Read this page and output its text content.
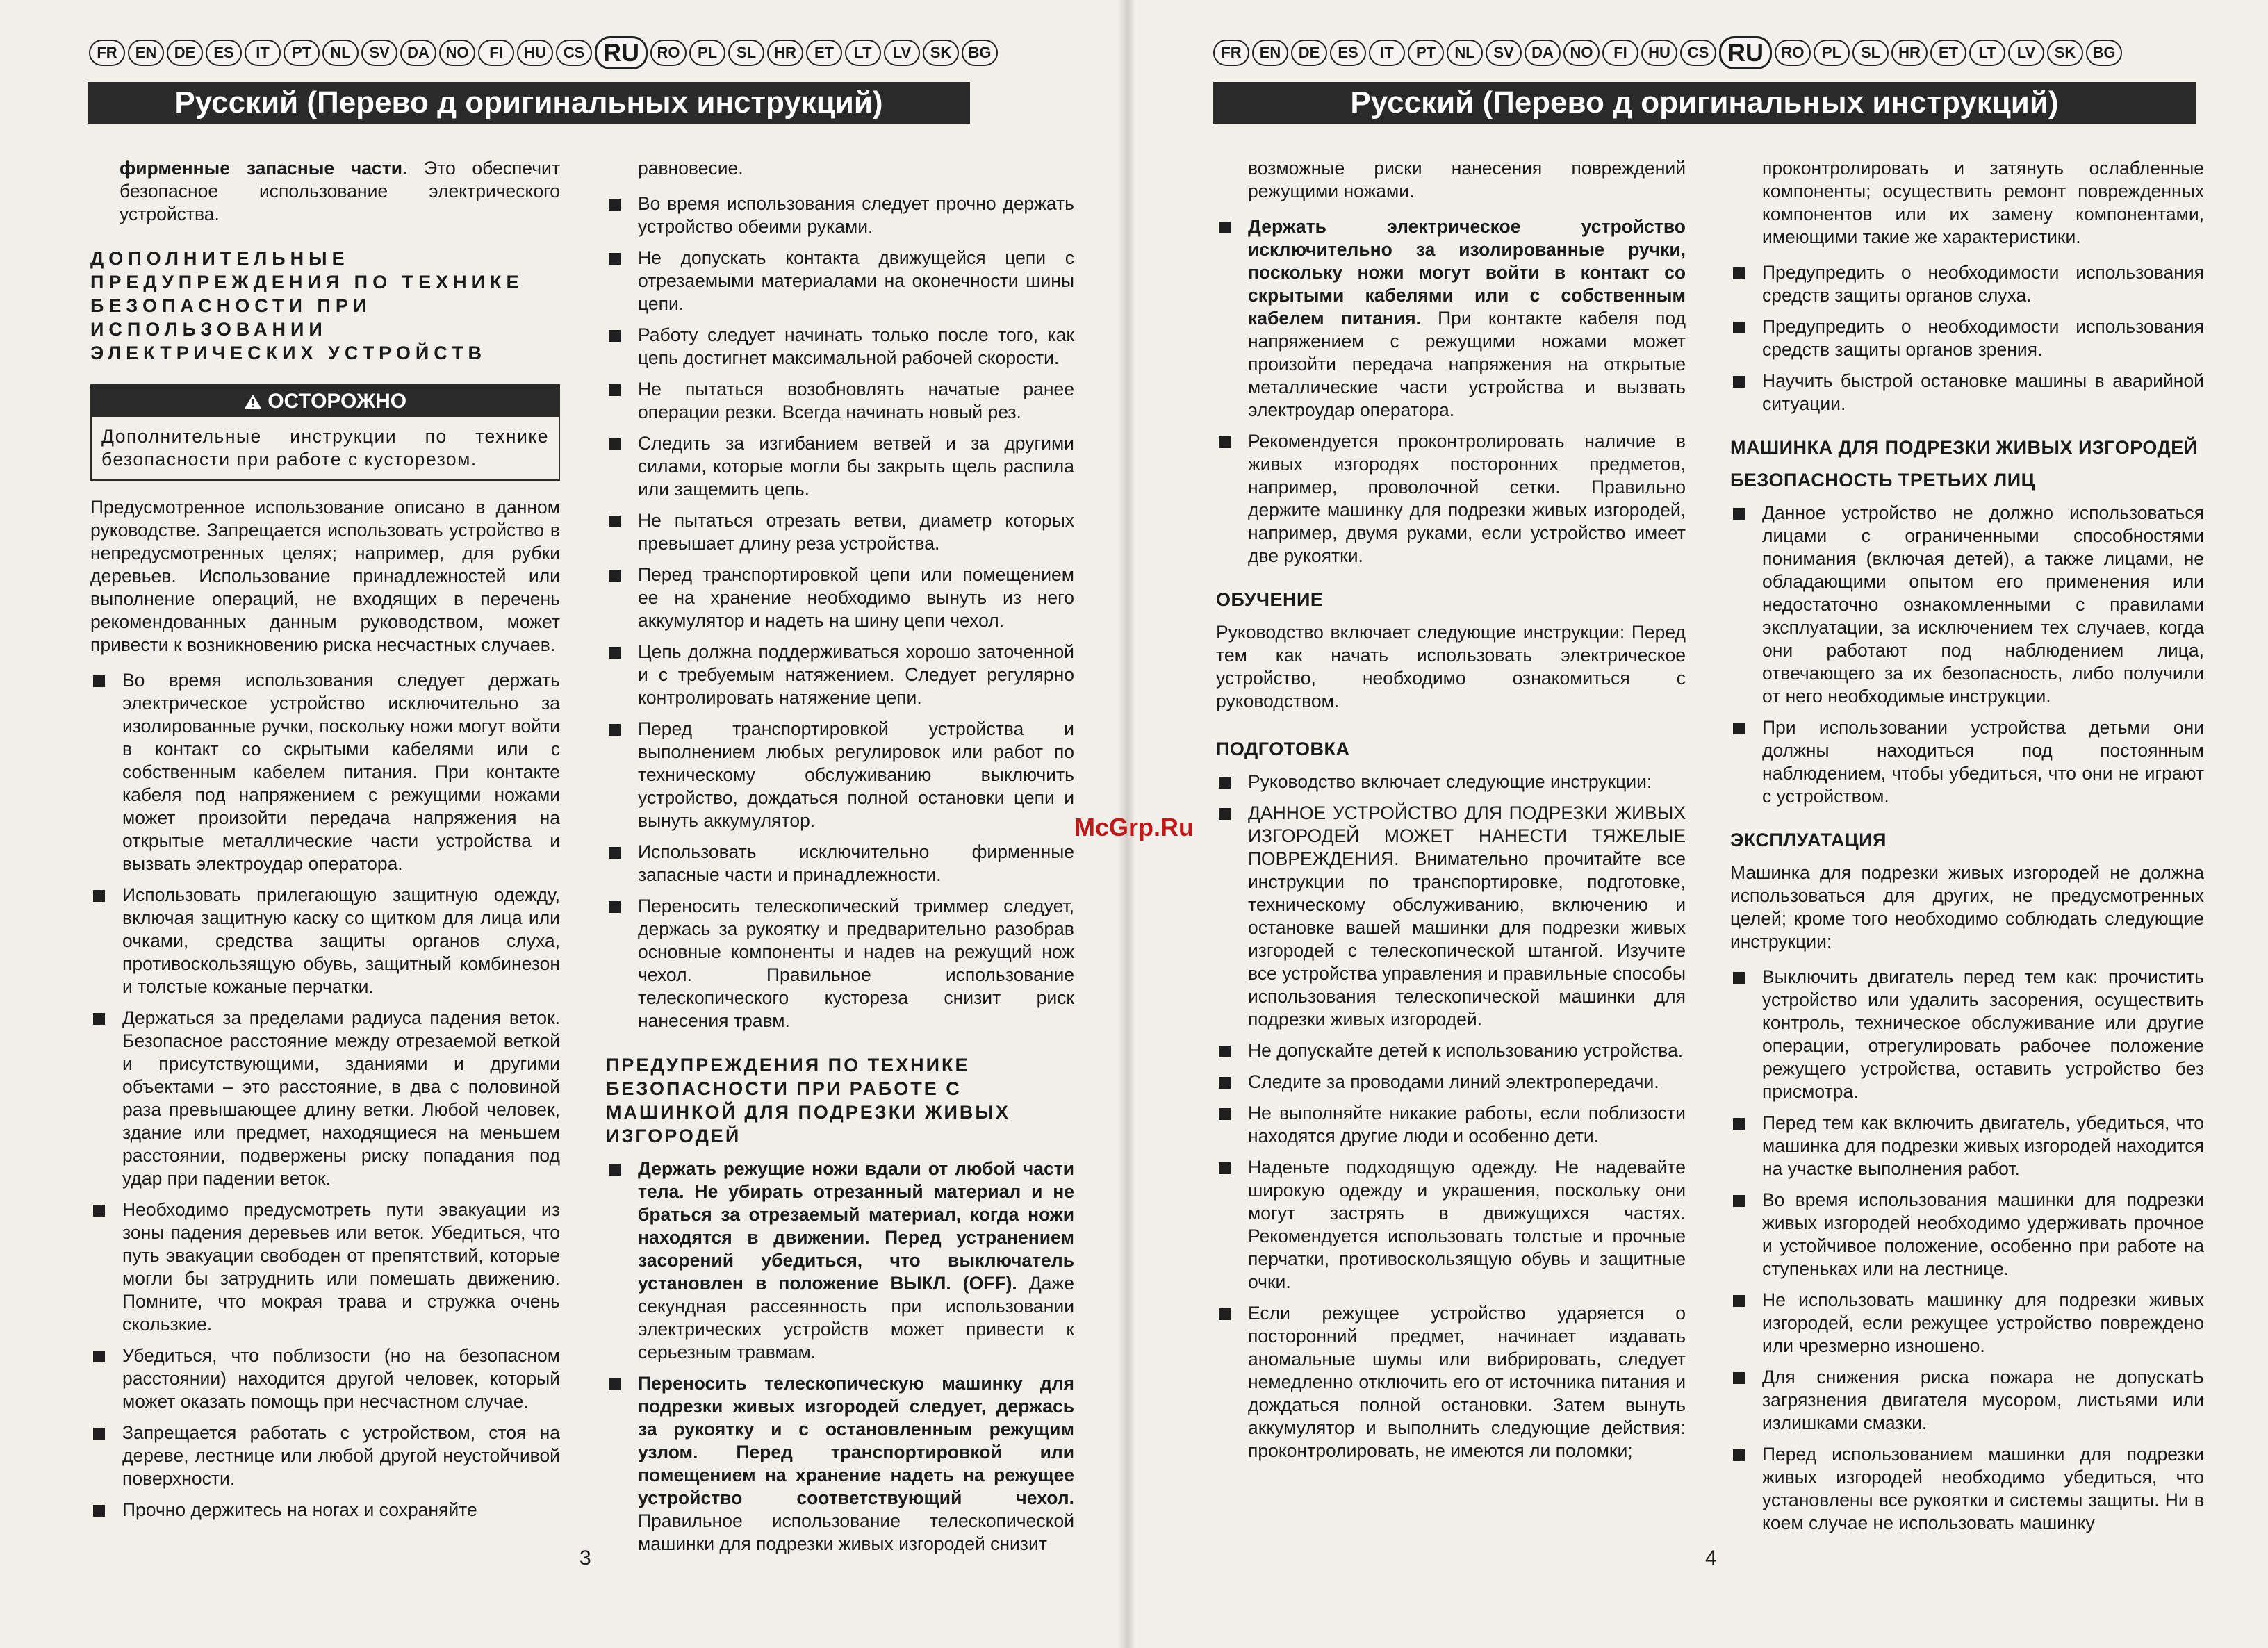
FR	EN	DE	ES	IT	PT	NL	SV	DA	NO	FI	HU	CS RU	RO	PL	SL	HR	ET	LT	LV	SK	BG	FR	EN	DE	ES	IT	PT	NL	SV	DA	NO	FI	HU	CS RU	RO	PL	SL	HR	ET	LT	LV	SK	BG
Русский (Перево д оригинальных инструкций)	Русский (Перево д оригинальных инструкций)

фирменные запасные части. Это обеспечит безопасное использование электрического устройства.

ДОПОЛНИТЕЛЬНЫЕ ПРЕДУПРЕЖДЕНИЯ ПО ТЕХНИКЕ БЕЗОПАСНОСТИ ПРИ ИСПОЛЬЗОВАНИИ ЭЛЕКТРИЧЕСКИХ УСТРОЙСТВ
ОСТОРОЖНО
Дополнительные инструкции по технике безопасности при работе с кусторезом.

Предусмотренное использование описано в данном руководстве. Запрещается использовать устройство в непредусмотренных целях; например, для рубки деревьев. Использование принадлежностей или выполнение операций, не входящих в перечень рекомендованных данным руководством, может привести к возникновению риска несчастных случаев.

Во время использования следует держать электрическое устройство исключительно за изолированные ручки, поскольку ножи могут войти в контакт со скрытыми кабелями или с собственным кабелем питания. При контакте кабеля под напряжением с режущими ножами может произойти передача напряжения на открытые металлические части устройства и вызвать электроудар оператора.
Использовать прилегающую защитную одежду, включая защитную каску со щитком для лица или очками, средства защиты органов слуха, противоскользящую обувь, защитный комбинезон и толстые кожаные перчатки.
Держаться за пределами радиуса падения веток. Безопасное расстояние между отрезаемой веткой и присутствующими, зданиями и другими объектами – это расстояние, в два с половиной раза превышающее длину ветки. Любой человек, здание или предмет, находящиеся на меньшем расстоянии, подвержены риску попадания под удар при падении веток.
Необходимо предусмотреть пути эвакуации из зоны падения деревьев или веток. Убедиться, что путь эвакуации свободен от препятствий, которые могли бы затруднить или помешать движению. Помните, что мокрая трава и стружка очень скользкие.
Убедиться, что поблизости (но на безопасном расстоянии) находится другой человек, который может оказать помощь при несчастном случае.
Запрещается работать с устройством, стоя на дереве, лестнице или любой другой неустойчивой поверхности.
Прочно держитесь на ногах и сохраняйте

равновесие.

Во время использования следует прочно держать устройство обеими руками.
Не допускать контакта движущейся цепи с отрезаемыми материалами на оконечности шины цепи.
Работу следует начинать только после того, как цепь достигнет максимальной рабочей скорости.
Не пытаться возобновлять начатые ранее операции резки. Всегда начинать новый рез.
Следить за изгибанием ветвей и за другими силами, которые могли бы закрыть щель распила или защемить цепь.
Не пытаться отрезать ветви, диаметр которых превышает длину реза устройства.
Перед транспортировкой цепи или помещением ее на хранение необходимо вынуть из него аккумулятор и надеть на шину цепи чехол.
Цепь должна поддерживаться хорошо заточенной и с требуемым натяжением. Следует регулярно контролировать натяжение цепи.
Перед транспортировкой устройства и выполнением любых регулировок или работ по техническому обслуживанию выключить устройство, дождаться полной остановки цепи и вынуть аккумулятор.
Использовать исключительно фирменные запасные части и принадлежности.
Переносить телескопический триммер следует, держась за рукоятку и предварительно разобрав основные компоненты и надев на режущий нож чехол. Правильное использование телескопического кустореза снизит риск нанесения травм.
ПРЕДУПРЕЖДЕНИЯ ПО ТЕХНИКЕ БЕЗОПАСНОСТИ ПРИ РАБОТЕ С МАШИНКОЙ ДЛЯ ПОДРЕЗКИ ЖИВЫХ ИЗГОРОДЕЙ
Держать режущие ножи вдали от любой части тела. Не убирать отрезанный материал и не браться за отрезаемый материал, когда ножи находятся в движении. Перед устранением засорений убедиться, что выключатель установлен в положение ВЫКЛ. (OFF). Даже секундная рассеянность при использовании электрических устройств может привести к серьезным травмам.
Переносить телескопическую машинку для подрезки живых изгородей следует, держась за рукоятку и с остановленным режущим узлом. Перед транспортировкой или помещением на хранение надеть на режущее устройство соответствующий чехол. Правильное использование телескопической машинки для подрезки живых изгородей снизит
3

возможные риски нанесения повреждений режущими ножами.

Держать электрическое устройство исключительно за изолированные ручки, поскольку ножи могут войти в контакт со скрытыми кабелями или с собственным кабелем питания. При контакте кабеля под напряжением с режущими ножами может произойти передача напряжения на открытые металлические части устройства и вызвать электроудар оператора.
Рекомендуется проконтролировать наличие в живых изгородях посторонних предметов, например, проволочной сетки. Правильно держите машинку для подрезки живых изгородей, например, двумя руками, если устройство имеет две рукоятки.
ОБУЧЕНИЕ

Руководство включает следующие инструкции: Перед тем как начать использовать электрическое устройство, необходимо ознакомиться с руководством.

ПОДГОТОВКА
Руководство включает следующие инструкции:
ДАННОЕ УСТРОЙСТВО ДЛЯ ПОДРЕЗКИ ЖИВЫХ ИЗГОРОДЕЙ МОЖЕТ НАНЕСТИ ТЯЖЕЛЫЕ ПОВРЕЖДЕНИЯ. Внимательно прочитайте все инструкции по транспортировке, подготовке, техническому обслуживанию, включению и остановке вашей машинки для подрезки живых изгородей с телескопической штангой. Изучите все устройства управления и правильные способы использования телескопической машинки для подрезки живых изгородей.
Не допускайте детей к использованию устройства.
Следите за проводами линий электропередачи.
Не выполняйте никакие работы, если поблизости находятся другие люди и особенно дети.
Наденьте подходящую одежду. Не надевайте широкую одежду и украшения, поскольку они могут застрять в движущихся частях. Рекомендуется использовать толстые и прочные перчатки, противоскользящую обувь и защитные очки.
Если режущее устройство ударяется о посторонний предмет, начинает издавать аномальные шумы или вибрировать, следует немедленно отключить его от источника питания и дождаться полной остановки. Затем вынуть аккумулятор и выполнить следующие действия: проконтролировать, не имеются ли поломки;

проконтролировать и затянуть ослабленные компоненты; осуществить ремонт поврежденных компонентов или их замену компонентами, имеющими такие же характеристики.

Предупредить о необходимости использования средств защиты органов слуха.
Предупредить о необходимости использования средств защиты органов зрения.
Научить быстрой остановке машины в аварийной ситуации.
МАШИНКА ДЛЯ ПОДРЕЗКИ ЖИВЫХ ИЗГОРОДЕЙ
БЕЗОПАСНОСТЬ ТРЕТЬИХ ЛИЦ
Данное устройство не должно использоваться лицами с ограниченными способностями понимания (включая детей), а также лицами, не обладающими опытом его применения или недостаточно ознакомленными с правилами эксплуатации, за исключением тех случаев, когда они работают под наблюдением лица, отвечающего за их безопасность, либо получили от него необходимые инструкции.
При использовании устройства детьми они должны находиться под постоянным наблюдением, чтобы убедиться, что они не играют с устройством.
ЭКСПЛУАТАЦИЯ

Машинка для подрезки живых изгородей не должна использоваться для других, не предусмотренных целей; кроме того необходимо соблюдать следующие инструкции:

Выключить двигатель перед тем как: прочистить устройство или удалить засорения, осуществить контроль, техническое обслуживание или другие операции, отрегулировать рабочее положение режущего устройства, оставить устройство без присмотра.
Перед тем как включить двигатель, убедиться, что машинка для подрезки живых изгородей находится на участке выполнения работ.
Во время использования машинки для подрезки живых изгородей необходимо удерживать прочное и устойчивое положение, особенно при работе на ступеньках или на лестнице.
Не использовать машинку для подрезки живых изгородей, если режущее устройство повреждено или чрезмерно изношено.
Для снижения риска пожара не допускатЬ загрязнения двигателя мусором, листьями или излишками смазки.
Перед использованием машинки для подрезки живых изгородей необходимо убедиться, что установлены все рукоятки и системы защиты. Ни в коем случае не использовать машинку
4
McGrp.Ru
